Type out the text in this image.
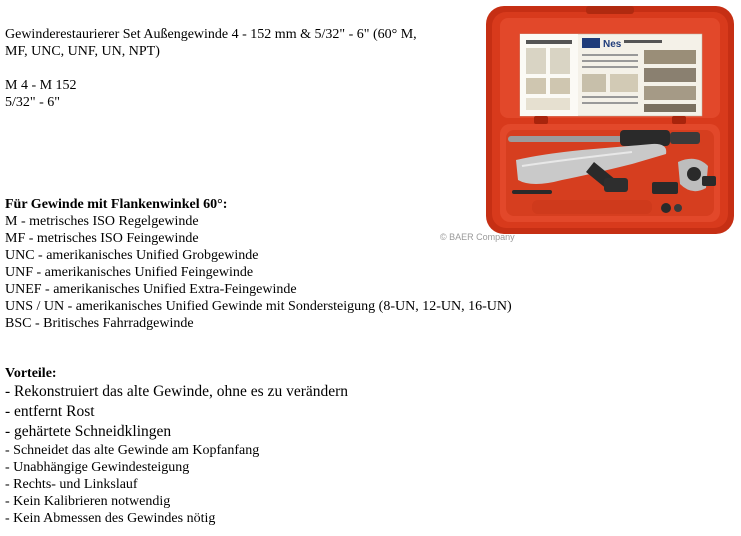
Gewinderestaurierer Set Außengewinde 4 - 152 mm & 5/32" - 6" (60° M, MF, UNC, UNF, UN, NPT)

M 4 - M 152

5/32" - 6"

Nes
© BAER Company

Für Gewinde mit Flankenwinkel 60°:

M - metrisches ISO Regelgewinde

MF - metrisches ISO Feingewinde

UNC - amerikanisches Unified Grobgewinde

UNF - amerikanisches Unified Feingewinde

UNEF - amerikanisches Unified Extra-Feingewinde

UNS / UN - amerikanisches Unified Gewinde mit Sondersteigung (8-UN, 12-UN, 16-UN)

BSC - Britisches Fahrradgewinde

Vorteile:

- Rekonstruiert das alte Gewinde, ohne es zu verändern

- entfernt Rost

- gehärtete Schneidklingen

- Schneidet das alte Gewinde am Kopfanfang

- Unabhängige Gewindesteigung

- Rechts- und Linkslauf

- Kein Kalibrieren notwendig

- Kein Abmessen des Gewindes nötig
